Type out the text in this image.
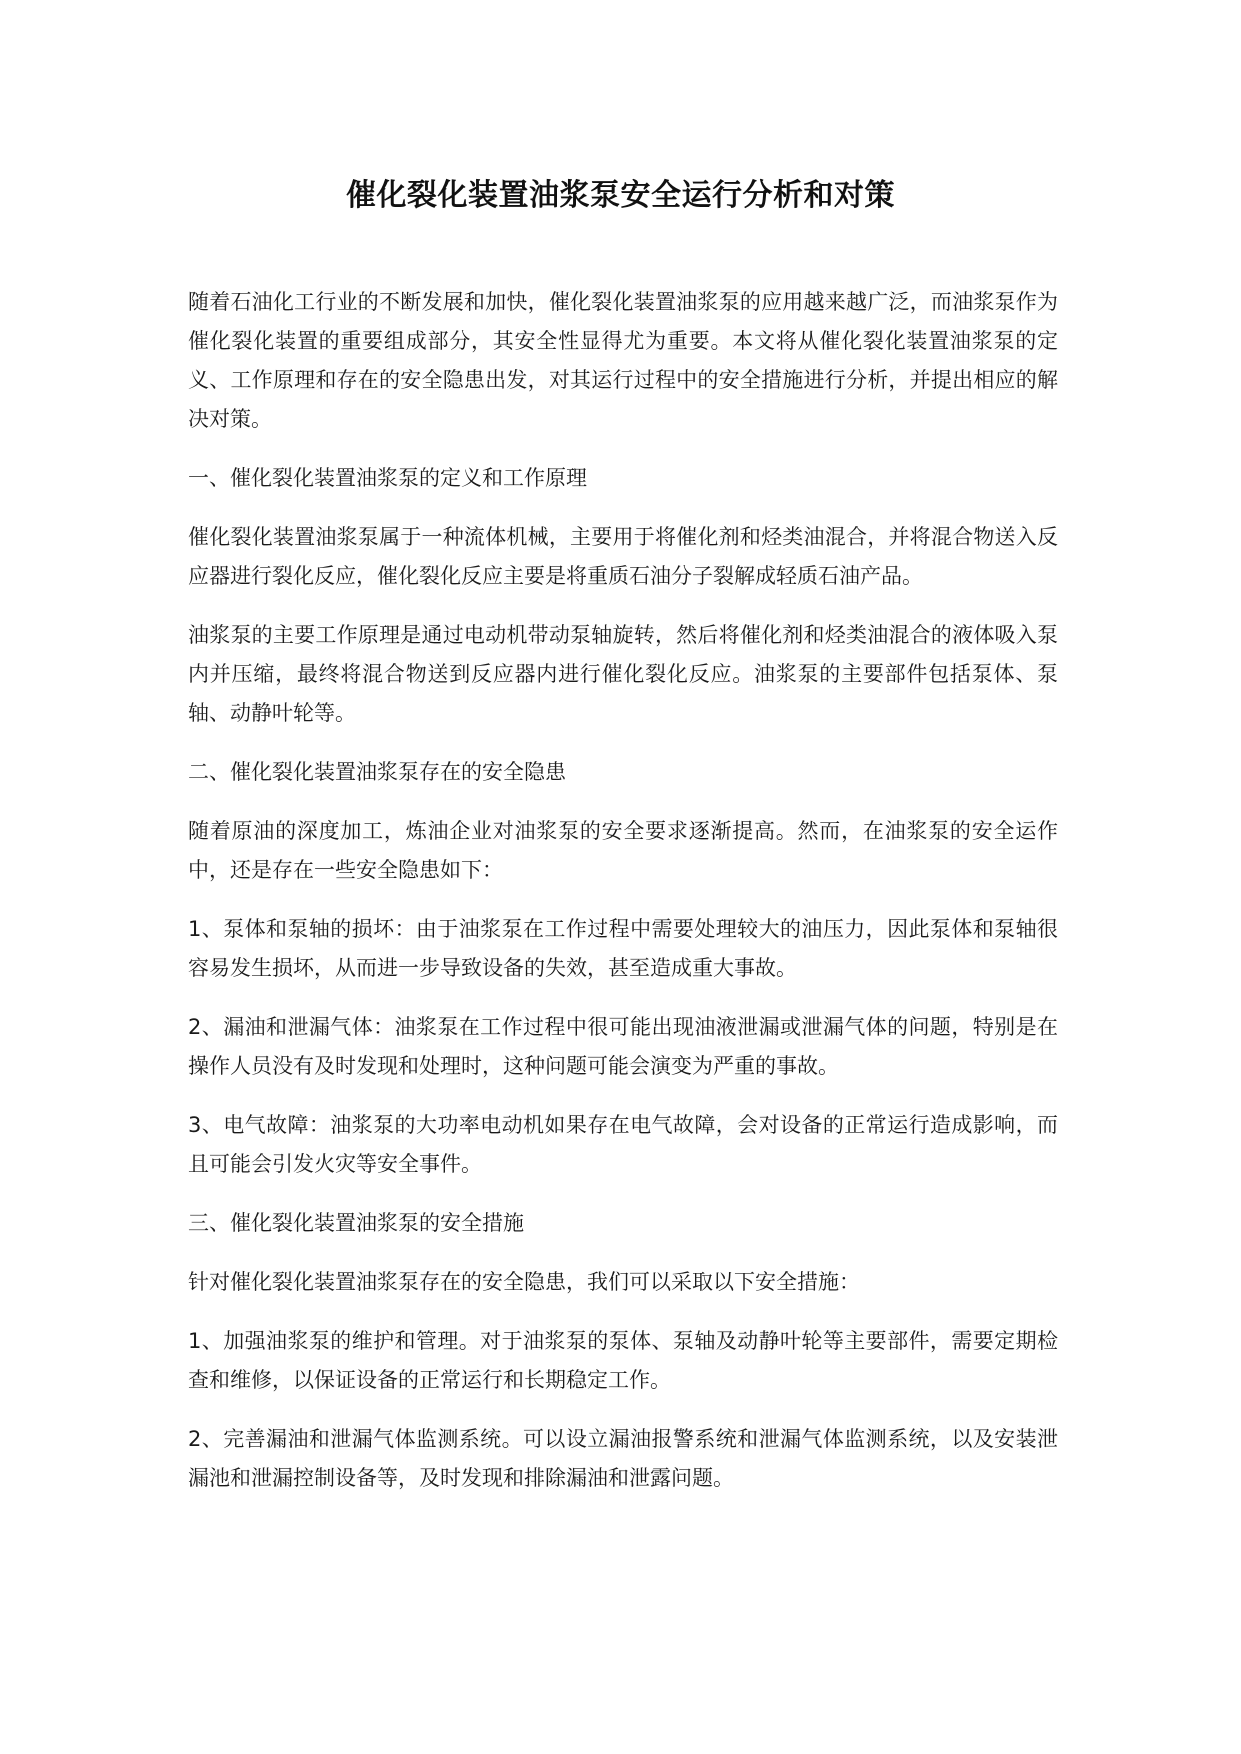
催化裂化装置油浆泵安全运行分析和对策

随着石油化工行业的不断发展和加快，催化裂化装置油浆泵的应用越来越广泛，而油浆泵作为催化裂化装置的重要组成部分，其安全性显得尤为重要。本文将从催化裂化装置油浆泵的定义、工作原理和存在的安全隐患出发，对其运行过程中的安全措施进行分析，并提出相应的解决对策。

一、催化裂化装置油浆泵的定义和工作原理

催化裂化装置油浆泵属于一种流体机械，主要用于将催化剂和烃类油混合，并将混合物送入反应器进行裂化反应，催化裂化反应主要是将重质石油分子裂解成轻质石油产品。

油浆泵的主要工作原理是通过电动机带动泵轴旋转，然后将催化剂和烃类油混合的液体吸入泵内并压缩，最终将混合物送到反应器内进行催化裂化反应。油浆泵的主要部件包括泵体、泵轴、动静叶轮等。

二、催化裂化装置油浆泵存在的安全隐患

随着原油的深度加工，炼油企业对油浆泵的安全要求逐渐提高。然而，在油浆泵的安全运作中，还是存在一些安全隐患如下：

1、泵体和泵轴的损坏：由于油浆泵在工作过程中需要处理较大的油压力，因此泵体和泵轴很容易发生损坏，从而进一步导致设备的失效，甚至造成重大事故。

2、漏油和泄漏气体：油浆泵在工作过程中很可能出现油液泄漏或泄漏气体的问题，特别是在操作人员没有及时发现和处理时，这种问题可能会演变为严重的事故。

3、电气故障：油浆泵的大功率电动机如果存在电气故障，会对设备的正常运行造成影响，而且可能会引发火灾等安全事件。

三、催化裂化装置油浆泵的安全措施

针对催化裂化装置油浆泵存在的安全隐患，我们可以采取以下安全措施：

1、加强油浆泵的维护和管理。对于油浆泵的泵体、泵轴及动静叶轮等主要部件，需要定期检查和维修，以保证设备的正常运行和长期稳定工作。

2、完善漏油和泄漏气体监测系统。可以设立漏油报警系统和泄漏气体监测系统，以及安装泄漏池和泄漏控制设备等，及时发现和排除漏油和泄露问题。
